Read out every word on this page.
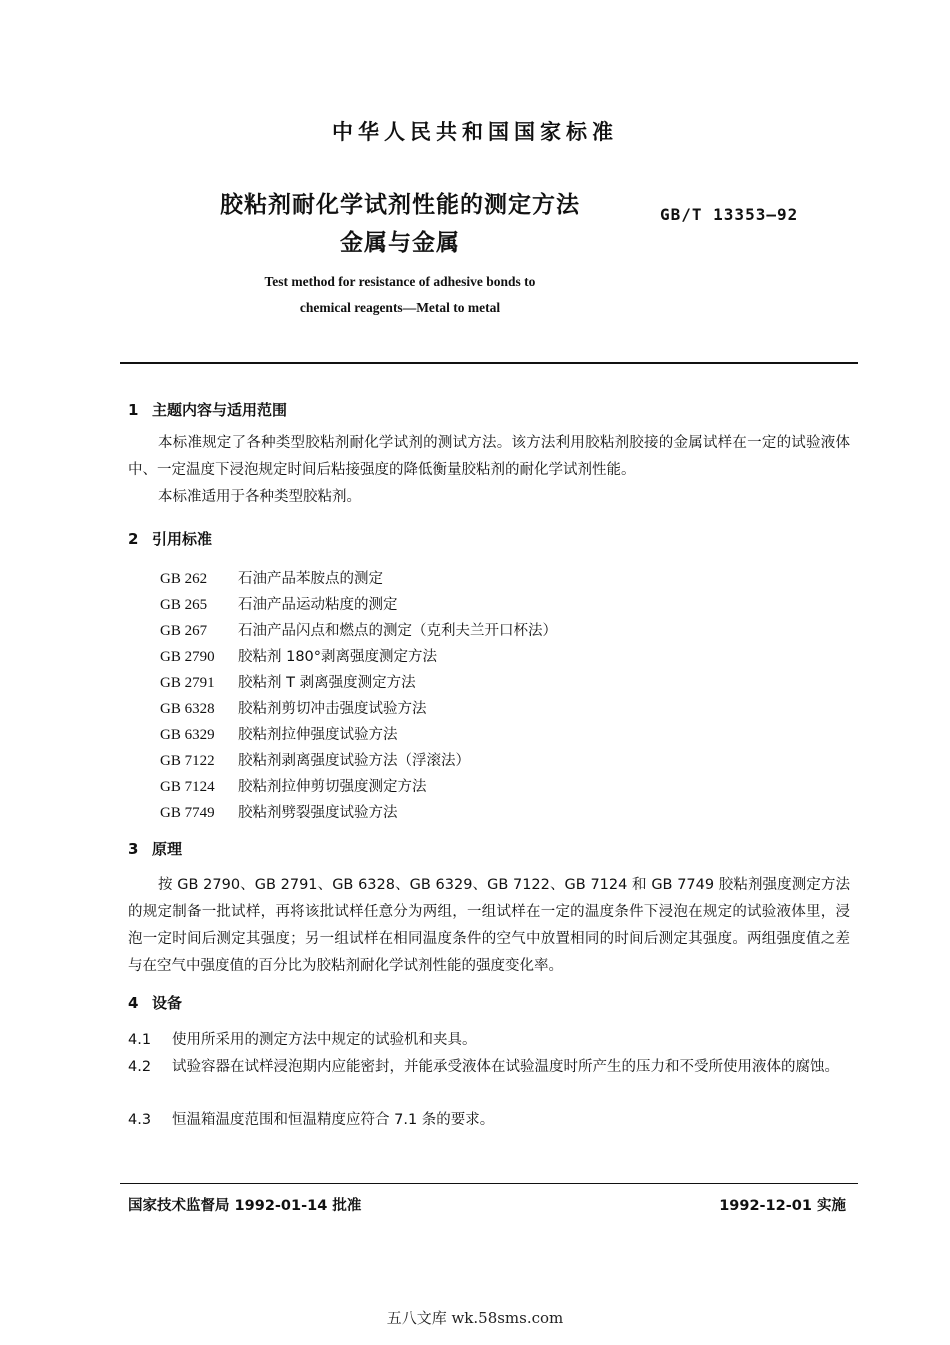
中华人民共和国国家标准
胶粘剂耐化学试剂性能的测定方法
金属与金属
GB/T 13353—92
Test method for resistance of adhesive bonds to
chemical reagents—Metal to metal
1 主题内容与适用范围
本标准规定了各种类型胶粘剂耐化学试剂的测试方法。该方法利用胶粘剂胶接的金属试样在一定的试验液体中、一定温度下浸泡规定时间后粘接强度的降低衡量胶粘剂的耐化学试剂性能。
本标准适用于各种类型胶粘剂。
2 引用标准
GB 262 石油产品苯胺点的测定
GB 265 石油产品运动粘度的测定
GB 267 石油产品闪点和燃点的测定（克利夫兰开口杯法）
GB 2790 胶粘剂 180°剥离强度测定方法
GB 2791 胶粘剂 T 剥离强度测定方法
GB 6328 胶粘剂剪切冲击强度试验方法
GB 6329 胶粘剂拉伸强度试验方法
GB 7122 胶粘剂剥离强度试验方法（浮滚法）
GB 7124 胶粘剂拉伸剪切强度测定方法
GB 7749 胶粘剂劈裂强度试验方法
3 原理
按 GB 2790、GB 2791、GB 6328、GB 6329、GB 7122、GB 7124 和 GB 7749 胶粘剂强度测定方法的规定制备一批试样，再将该批试样任意分为两组，一组试样在一定的温度条件下浸泡在规定的试验液体里，浸泡一定时间后测定其强度；另一组试样在相同温度条件的空气中放置相同的时间后测定其强度。两组强度值之差与在空气中强度值的百分比为胶粘剂耐化学试剂性能的强度变化率。
4 设备
4.1 使用所采用的测定方法中规定的试验机和夹具。
4.2 试验容器在试样浸泡期内应能密封，并能承受液体在试验温度时所产生的压力和不受所使用液体的腐蚀。
4.3 恒温箱温度范围和恒温精度应符合 7.1 条的要求。
国家技术监督局 1992-01-14 批准	1992-12-01 实施
五八文库 wk.58sms.com
